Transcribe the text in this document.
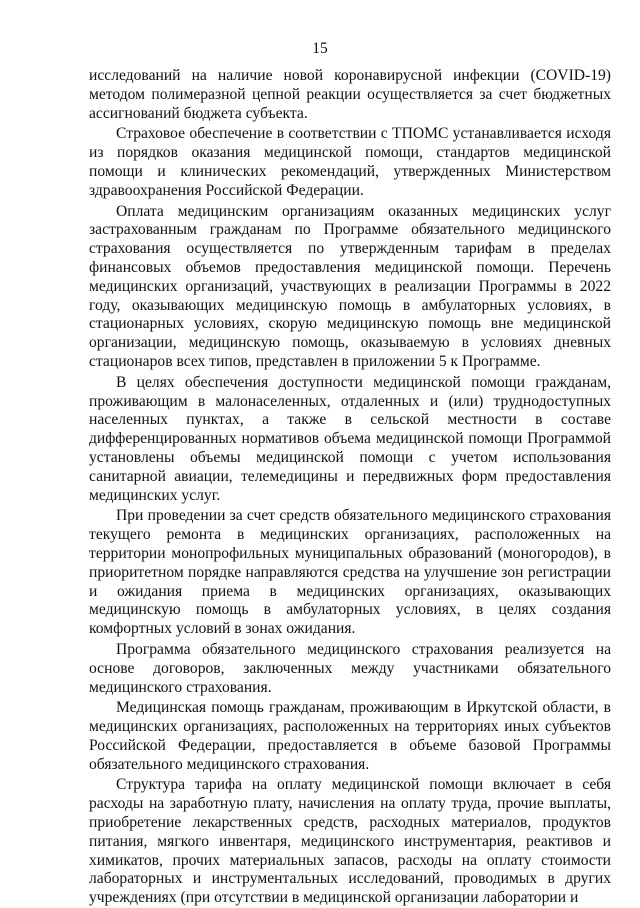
15

исследований на наличие новой коронавирусной инфекции (COVID-19) методом полимеразной цепной реакции осуществляется за счет бюджетных ассигнований бюджета субъекта.

Страховое обеспечение в соответствии с ТПОМС устанавливается исходя из порядков оказания медицинской помощи, стандартов медицинской помощи и клинических рекомендаций, утвержденных Министерством здравоохранения Российской Федерации.

Оплата медицинским организациям оказанных медицинских услуг застрахованным гражданам по Программе обязательного медицинского страхования осуществляется по утвержденным тарифам в пределах финансовых объемов предоставления медицинской помощи. Перечень медицинских организаций, участвующих в реализации Программы в 2022 году, оказывающих медицинскую помощь в амбулаторных условиях, в стационарных условиях, скорую медицинскую помощь вне медицинской организации, медицинскую помощь, оказываемую в условиях дневных стационаров всех типов, представлен в приложении 5 к Программе.

В целях обеспечения доступности медицинской помощи гражданам, проживающим в малонаселенных, отдаленных и (или) труднодоступных населенных пунктах, а также в сельской местности в составе дифференцированных нормативов объема медицинской помощи Программой установлены объемы медицинской помощи с учетом использования санитарной авиации, телемедицины и передвижных форм предоставления медицинских услуг.

При проведении за счет средств обязательного медицинского страхования текущего ремонта в медицинских организациях, расположенных на территории монопрофильных муниципальных образований (моногородов), в приоритетном порядке направляются средства на улучшение зон регистрации и ожидания приема в медицинских организациях, оказывающих медицинскую помощь в амбулаторных условиях, в целях создания комфортных условий в зонах ожидания.

Программа обязательного медицинского страхования реализуется на основе договоров, заключенных между участниками обязательного медицинского страхования.

Медицинская помощь гражданам, проживающим в Иркутской области, в медицинских организациях, расположенных на территориях иных субъектов Российской Федерации, предоставляется в объеме базовой Программы обязательного медицинского страхования.

Структура тарифа на оплату медицинской помощи включает в себя расходы на заработную плату, начисления на оплату труда, прочие выплаты, приобретение лекарственных средств, расходных материалов, продуктов питания, мягкого инвентаря, медицинского инструментария, реактивов и химикатов, прочих материальных запасов, расходы на оплату стоимости лабораторных и инструментальных исследований, проводимых в других учреждениях (при отсутствии в медицинской организации лаборатории и
